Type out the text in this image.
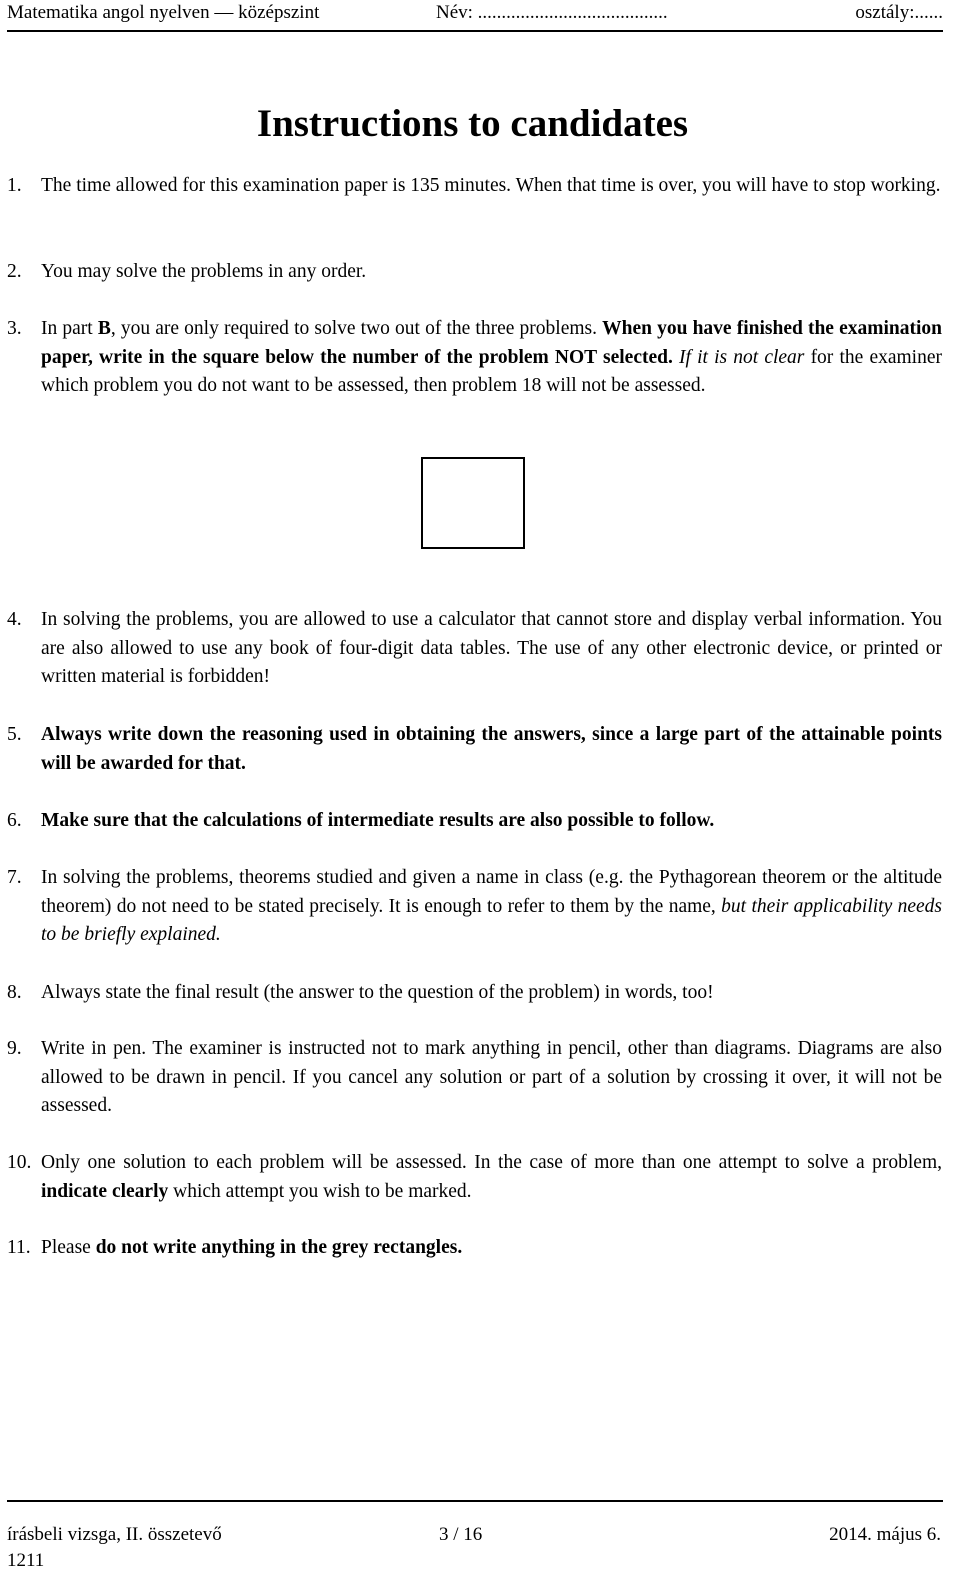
Matematika angol nyelven — középszint	Név: ........................................	osztály:......
Instructions to candidates
1. The time allowed for this examination paper is 135 minutes. When that time is over, you will have to stop working.
2. You may solve the problems in any order.
3. In part B, you are only required to solve two out of the three problems. When you have finished the examination paper, write in the square below the number of the problem NOT selected. If it is not clear for the examiner which problem you do not want to be assessed, then problem 18 will not be assessed.
4. In solving the problems, you are allowed to use a calculator that cannot store and display verbal information. You are also allowed to use any book of four-digit data tables. The use of any other electronic device, or printed or written material is forbidden!
5. Always write down the reasoning used in obtaining the answers, since a large part of the attainable points will be awarded for that.
6. Make sure that the calculations of intermediate results are also possible to follow.
7. In solving the problems, theorems studied and given a name in class (e.g. the Pythagorean theorem or the altitude theorem) do not need to be stated precisely. It is enough to refer to them by the name, but their applicability needs to be briefly explained.
8. Always state the final result (the answer to the question of the problem) in words, too!
9. Write in pen. The examiner is instructed not to mark anything in pencil, other than diagrams. Diagrams are also allowed to be drawn in pencil. If you cancel any solution or part of a solution by crossing it over, it will not be assessed.
10. Only one solution to each problem will be assessed. In the case of more than one attempt to solve a problem, indicate clearly which attempt you wish to be marked.
11. Please do not write anything in the grey rectangles.
írásbeli vizsga, II. összetevő	3 / 16	2014. május 6.
1211
